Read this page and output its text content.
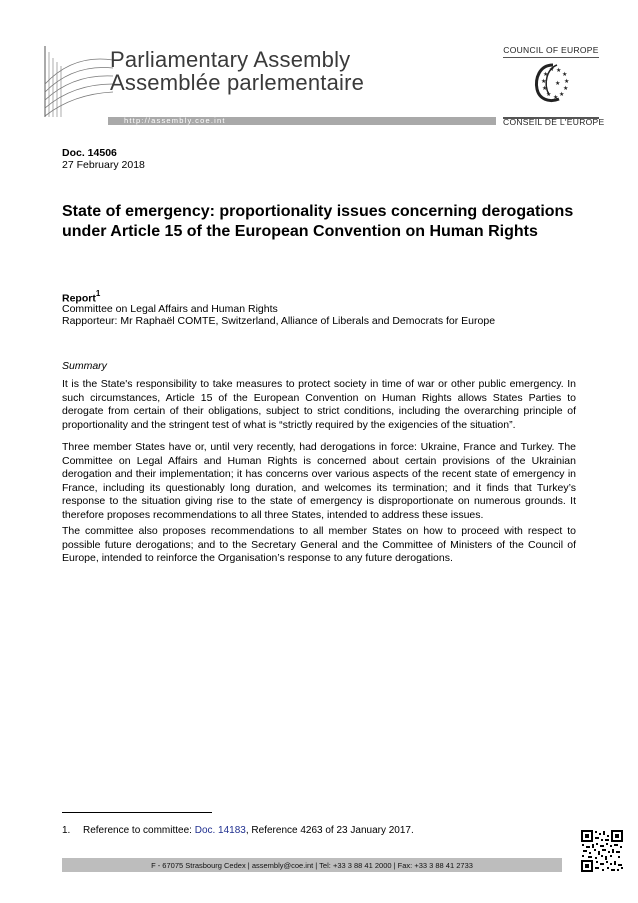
Parliamentary Assembly
Assemblée parlementaire
http://assembly.coe.int
COUNCIL OF EUROPE
★ ★
★
★
★
★
★
★
★
★
★
★
CONSEIL DE L'EUROPE
Doc. 14506
27 February 2018
State of emergency: proportionality issues concerning derogations under Article 15 of the European Convention on Human Rights
Report$^1$
Committee on Legal Affairs and Human Rights
Rapporteur: Mr Raphaël COMTE, Switzerland, Alliance of Liberals and Democrats for Europe
Summary
It is the State's responsibility to take measures to protect society in time of war or other public emergency. In such circumstances, Article 15 of the European Convention on Human Rights allows States Parties to derogate from certain of their obligations, subject to strict conditions, including the overarching principle of proportionality and the stringent test of what is “strictly required by the exigencies of the situation”.
Three member States have or, until very recently, had derogations in force: Ukraine, France and Turkey. The Committee on Legal Affairs and Human Rights is concerned about certain provisions of the Ukrainian derogation and their implementation; it has concerns over various aspects of the recent state of emergency in France, including its questionably long duration, and welcomes its termination; and it finds that Turkey’s response to the situation giving rise to the state of emergency is disproportionate on numerous grounds. It therefore proposes recommendations to all three States, intended to address these issues.
The committee also proposes recommendations to all member States on how to proceed with respect to possible future derogations; and to the Secretary General and the Committee of Ministers of the Council of Europe, intended to reinforce the Organisation’s response to any future derogations.
1. Reference to committee: Doc. 14183, Reference 4263 of 23 January 2017.
F - 67075 Strasbourg Cedex | assembly@coe.int | Tel: +33 3 88 41 2000 | Fax: +33 3 88 41 2733
